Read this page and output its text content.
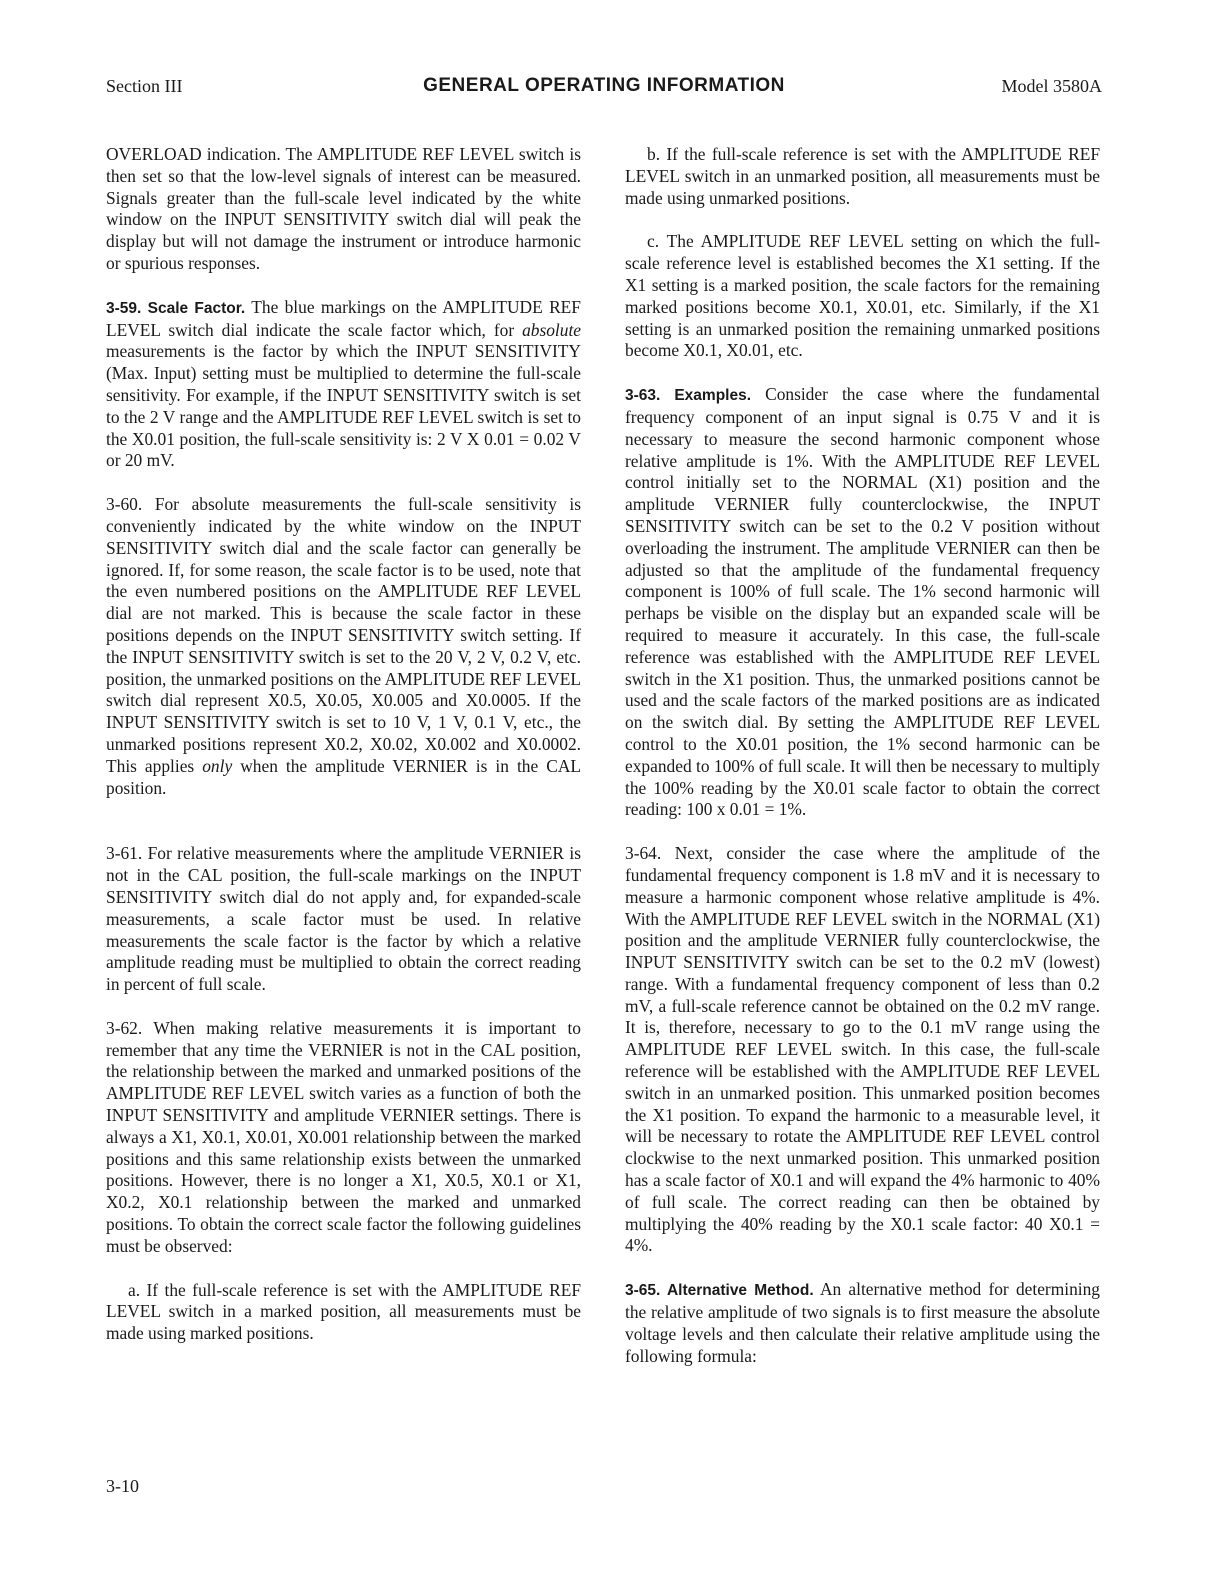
Section III	GENERAL OPERATING INFORMATION	Model 3580A

OVERLOAD indication. The AMPLITUDE REF LEVEL switch is then set so that the low-level signals of interest can be measured. Signals greater than the full-scale level indicated by the white window on the INPUT SENSITIVITY switch dial will peak the display but will not damage the instrument or introduce harmonic or spurious responses.

3-59. Scale Factor. The blue markings on the AMPLITUDE REF LEVEL switch dial indicate the scale factor which, for absolute measurements is the factor by which the INPUT SENSITIVITY (Max. Input) setting must be multiplied to determine the full-scale sensitivity. For example, if the INPUT SENSITIVITY switch is set to the 2 V range and the AMPLITUDE REF LEVEL switch is set to the X0.01 position, the full-scale sensitivity is: 2 V X 0.01 = 0.02 V or 20 mV.

3-60. For absolute measurements the full-scale sensitivity is conveniently indicated by the white window on the INPUT SENSITIVITY switch dial and the scale factor can generally be ignored. If, for some reason, the scale factor is to be used, note that the even numbered positions on the AMPLITUDE REF LEVEL dial are not marked. This is because the scale factor in these positions depends on the INPUT SENSITIVITY switch setting. If the INPUT SENSITIVITY switch is set to the 20 V, 2 V, 0.2 V, etc. position, the unmarked positions on the AMPLITUDE REF LEVEL switch dial represent X0.5, X0.05, X0.005 and X0.0005. If the INPUT SENSITIVITY switch is set to 10 V, 1 V, 0.1 V, etc., the unmarked positions represent X0.2, X0.02, X0.002 and X0.0002. This applies only when the amplitude VERNIER is in the CAL position.

3-61. For relative measurements where the amplitude VERNIER is not in the CAL position, the full-scale markings on the INPUT SENSITIVITY switch dial do not apply and, for expanded-scale measurements, a scale factor must be used. In relative measurements the scale factor is the factor by which a relative amplitude reading must be multiplied to obtain the correct reading in percent of full scale.

3-62. When making relative measurements it is important to remember that any time the VERNIER is not in the CAL position, the relationship between the marked and unmarked positions of the AMPLITUDE REF LEVEL switch varies as a function of both the INPUT SENSITIVITY and amplitude VERNIER settings. There is always a X1, X0.1, X0.01, X0.001 relationship between the marked positions and this same relationship exists between the unmarked positions. However, there is no longer a X1, X0.5, X0.1 or X1, X0.2, X0.1 relationship between the marked and unmarked positions. To obtain the correct scale factor the following guidelines must be observed:

a. If the full-scale reference is set with the AMPLITUDE REF LEVEL switch in a marked position, all measurements must be made using marked positions.

b. If the full-scale reference is set with the AMPLITUDE REF LEVEL switch in an unmarked position, all measurements must be made using unmarked positions.

c. The AMPLITUDE REF LEVEL setting on which the full-scale reference level is established becomes the X1 setting. If the X1 setting is a marked position, the scale factors for the remaining marked positions become X0.1, X0.01, etc. Similarly, if the X1 setting is an unmarked position the remaining unmarked positions become X0.1, X0.01, etc.

3-63. Examples. Consider the case where the fundamental frequency component of an input signal is 0.75 V and it is necessary to measure the second harmonic component whose relative amplitude is 1%. With the AMPLITUDE REF LEVEL control initially set to the NORMAL (X1) position and the amplitude VERNIER fully counterclockwise, the INPUT SENSITIVITY switch can be set to the 0.2 V position without overloading the instrument. The amplitude VERNIER can then be adjusted so that the amplitude of the fundamental frequency component is 100% of full scale. The 1% second harmonic will perhaps be visible on the display but an expanded scale will be required to measure it accurately. In this case, the full-scale reference was established with the AMPLITUDE REF LEVEL switch in the X1 position. Thus, the unmarked positions cannot be used and the scale factors of the marked positions are as indicated on the switch dial. By setting the AMPLITUDE REF LEVEL control to the X0.01 position, the 1% second harmonic can be expanded to 100% of full scale. It will then be necessary to multiply the 100% reading by the X0.01 scale factor to obtain the correct reading: 100 x 0.01 = 1%.

3-64. Next, consider the case where the amplitude of the fundamental frequency component is 1.8 mV and it is necessary to measure a harmonic component whose relative amplitude is 4%. With the AMPLITUDE REF LEVEL switch in the NORMAL (X1) position and the amplitude VERNIER fully counterclockwise, the INPUT SENSITIVITY switch can be set to the 0.2 mV (lowest) range. With a fundamental frequency component of less than 0.2 mV, a full-scale reference cannot be obtained on the 0.2 mV range. It is, therefore, necessary to go to the 0.1 mV range using the AMPLITUDE REF LEVEL switch. In this case, the full-scale reference will be established with the AMPLITUDE REF LEVEL switch in an unmarked position. This unmarked position becomes the X1 position. To expand the harmonic to a measurable level, it will be necessary to rotate the AMPLITUDE REF LEVEL control clockwise to the next unmarked position. This unmarked position has a scale factor of X0.1 and will expand the 4% harmonic to 40% of full scale. The correct reading can then be obtained by multiplying the 40% reading by the X0.1 scale factor: 40 X0.1 = 4%.

3-65. Alternative Method. An alternative method for determining the relative amplitude of two signals is to first measure the absolute voltage levels and then calculate their relative amplitude using the following formula:

3-10
